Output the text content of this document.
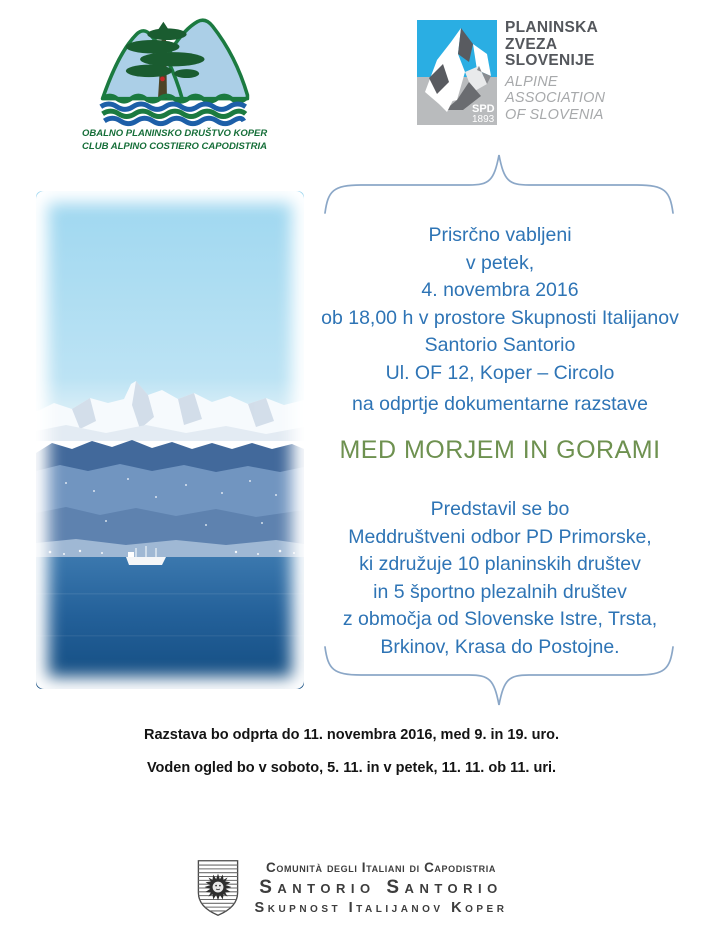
OBALNO PLANINSKO DRUŠTVO KOPER
CLUB ALPINO COSTIERO CAPODISTRIA
SPD
1893
PLANINSKA
ZVEZA
SLOVENIJE
ALPINE
ASSOCIATION
OF SLOVENIA
Prisrčno vabljeni
v petek,
4. novembra 2016
ob 18,00 h v prostore Skupnosti Italijanov
Santorio Santorio
Ul. OF 12, Koper – Circolo
na odprtje dokumentarne razstave
MED MORJEM IN GORAMI
Predstavil se bo
Meddruštveni odbor PD Primorske,
ki združuje 10 planinskih društev
in 5 športno plezalnih društev
z območja od Slovenske Istre, Trsta,
Brkinov, Krasa do Postojne.
Razstava bo odprta do 11. novembra 2016, med 9. in 19. uro.
Voden ogled bo v soboto, 5. 11. in v petek, 11. 11. ob 11. uri.
Comunità degli Italiani di Capodistria
Santorio Santorio
Skupnost Italijanov Koper
